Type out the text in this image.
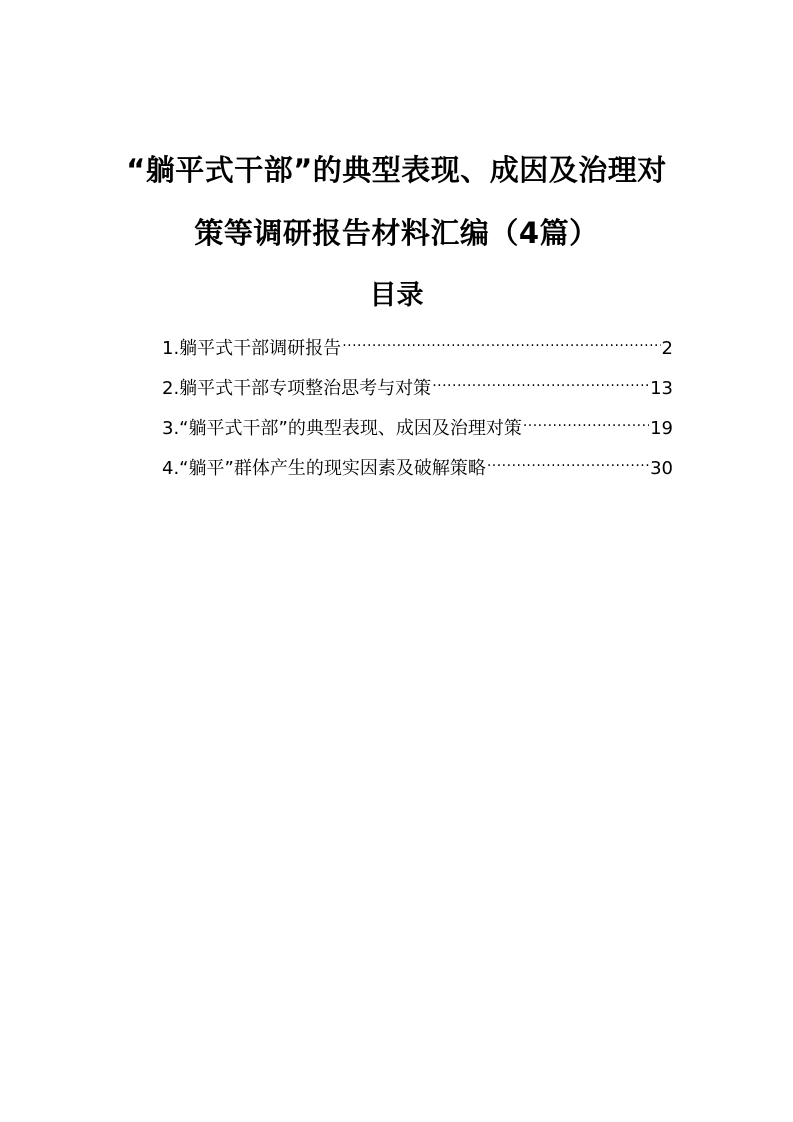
“躺平式干部”的典型表现、成因及治理对
策等调研报告材料汇编（4篇）
目录
1.躺平式干部调研报告 .....	2
2.躺平式干部专项整治思考与对策 .....	13
3.“躺平式干部”的典型表现、成因及治理对策 .....	19
4.“躺平”群体产生的现实因素及破解策略 .....	30
